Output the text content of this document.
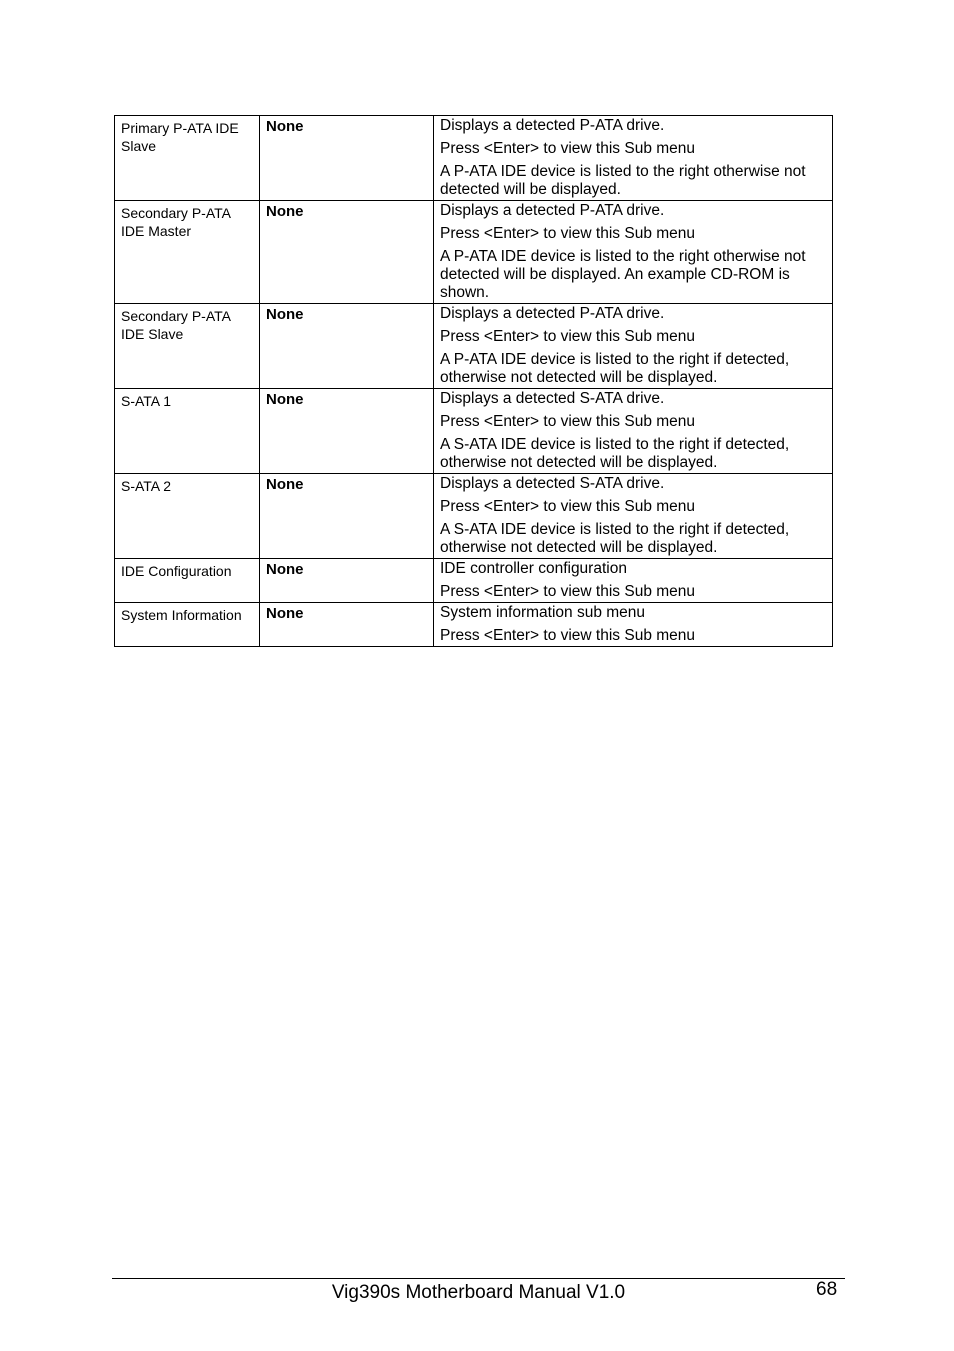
Primary P-ATA IDE Slave	None	Displays a detected P-ATA drive.

Press <Enter> to view this Sub menu

A P-ATA IDE device is listed to the right otherwise not detected will be displayed.

Secondary P-ATA IDE Master	None	Displays a detected P-ATA drive.

Press <Enter> to view this Sub menu

A P-ATA IDE device is listed to the right otherwise not detected will be displayed. An example CD-ROM is shown.

Secondary P-ATA IDE Slave	None	Displays a detected P-ATA drive.

Press <Enter> to view this Sub menu

A P-ATA IDE device is listed to the right if detected, otherwise not detected will be displayed.

S-ATA 1	None	Displays a detected S-ATA drive.

Press <Enter> to view this Sub menu

A S-ATA IDE device is listed to the right if detected, otherwise not detected will be displayed.

S-ATA 2	None	Displays a detected S-ATA drive.

Press <Enter> to view this Sub menu

A S-ATA IDE device is listed to the right if detected, otherwise not detected will be displayed.

IDE Configuration	None	IDE controller configuration

Press <Enter> to view this Sub menu

System Information	None	System information sub menu

Press <Enter> to view this Sub menu

Vig390s Motherboard Manual V1.0	68
